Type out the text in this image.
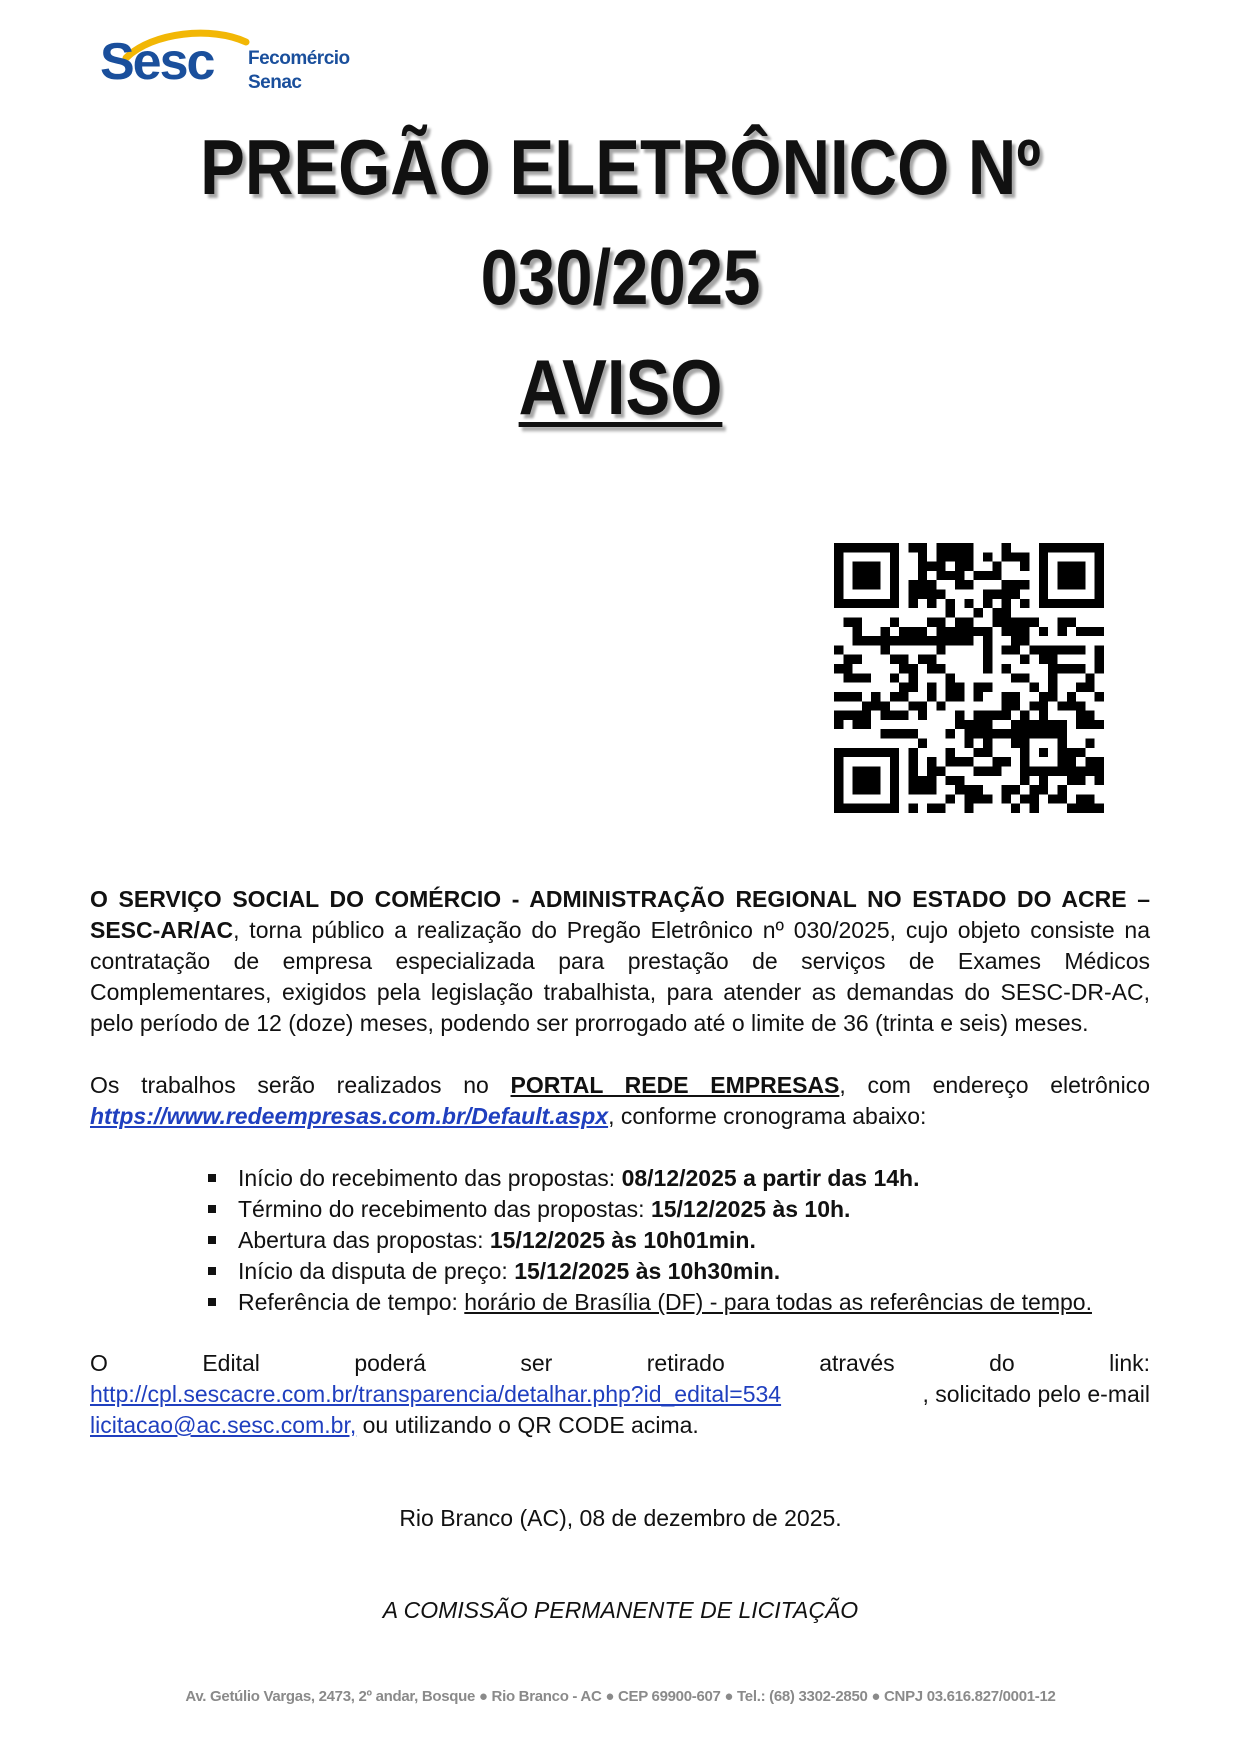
Sesc Fecomércio
Senac
PREGÃO ELETRÔNICO Nº
030/2025
AVISO
O SERVIÇO SOCIAL DO COMÉRCIO - ADMINISTRAÇÃO REGIONAL NO ESTADO DO ACRE – SESC-AR/AC, torna público a realização do Pregão Eletrônico nº 030/2025, cujo objeto consiste na contratação de empresa especializada para prestação de serviços de Exames Médicos Complementares, exigidos pela legislação trabalhista, para atender as demandas do SESC-DR-AC, pelo período de 12 (doze) meses, podendo ser prorrogado até o limite de 36 (trinta e seis) meses.
Os trabalhos serão realizados no PORTAL REDE EMPRESAS, com endereço eletrônico https://www.redeempresas.com.br/Default.aspx, conforme cronograma abaixo:
Início do recebimento das propostas: 08/12/2025 a partir das 14h.
Término do recebimento das propostas: 15/12/2025 às 10h.
Abertura das propostas: 15/12/2025 às 10h01min.
Início da disputa de preço: 15/12/2025 às 10h30min.
Referência de tempo: horário de Brasília (DF) - para todas as referências de tempo.
O	Edital	poderá	ser	retirado	através	do	link:
http://cpl.sescacre.com.br/transparencia/detalhar.php?id_edital=534	, solicitado pelo e-mail
licitacao@ac.sesc.com.br, ou utilizando o QR CODE acima.
Rio Branco (AC), 08 de dezembro de 2025.
A COMISSÃO PERMANENTE DE LICITAÇÃO
Av. Getúlio Vargas, 2473, 2º andar, Bosque ● Rio Branco - AC ● CEP 69900-607 ● Tel.: (68) 3302-2850 ● CNPJ 03.616.827/0001-12
